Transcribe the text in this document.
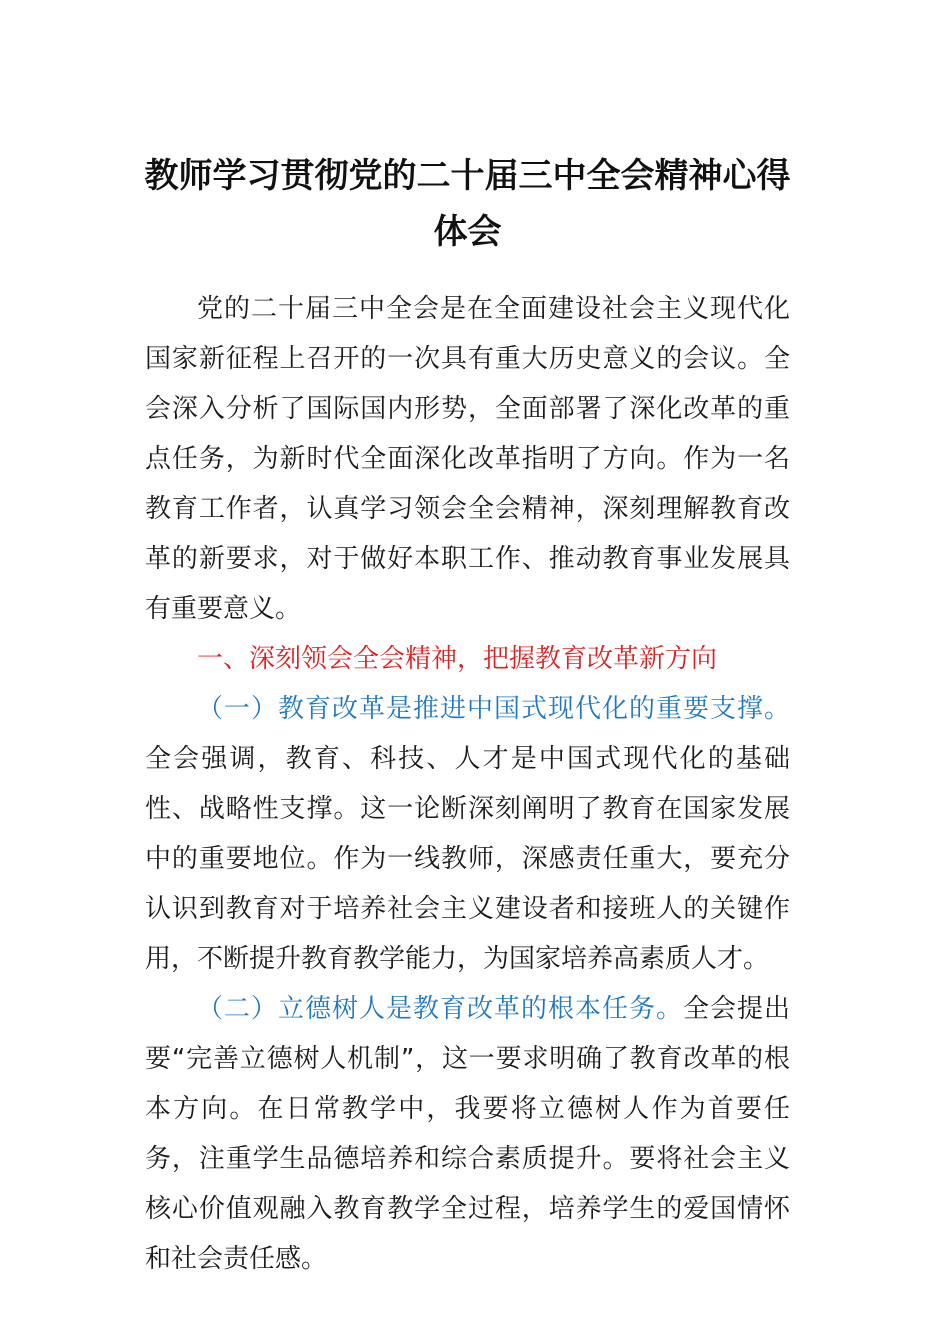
教师学习贯彻党的二十届三中全会精神心得体会

党的二十届三中全会是在全面建设社会主义现代化国家新征程上召开的一次具有重大历史意义的会议。全会深入分析了国际国内形势，全面部署了深化改革的重点任务，为新时代全面深化改革指明了方向。作为一名教育工作者，认真学习领会全会精神，深刻理解教育改革的新要求，对于做好本职工作、推动教育事业发展具有重要意义。

一、深刻领会全会精神，把握教育改革新方向

（一）教育改革是推进中国式现代化的重要支撑。全会强调，教育、科技、人才是中国式现代化的基础性、战略性支撑。这一论断深刻阐明了教育在国家发展中的重要地位。作为一线教师，深感责任重大，要充分认识到教育对于培养社会主义建设者和接班人的关键作用，不断提升教育教学能力，为国家培养高素质人才。

（二）立德树人是教育改革的根本任务。全会提出要“完善立德树人机制”，这一要求明确了教育改革的根本方向。在日常教学中，我要将立德树人作为首要任务，注重学生品德培养和综合素质提升。要将社会主义核心价值观融入教育教学全过程，培养学生的爱国情怀和社会责任感。
